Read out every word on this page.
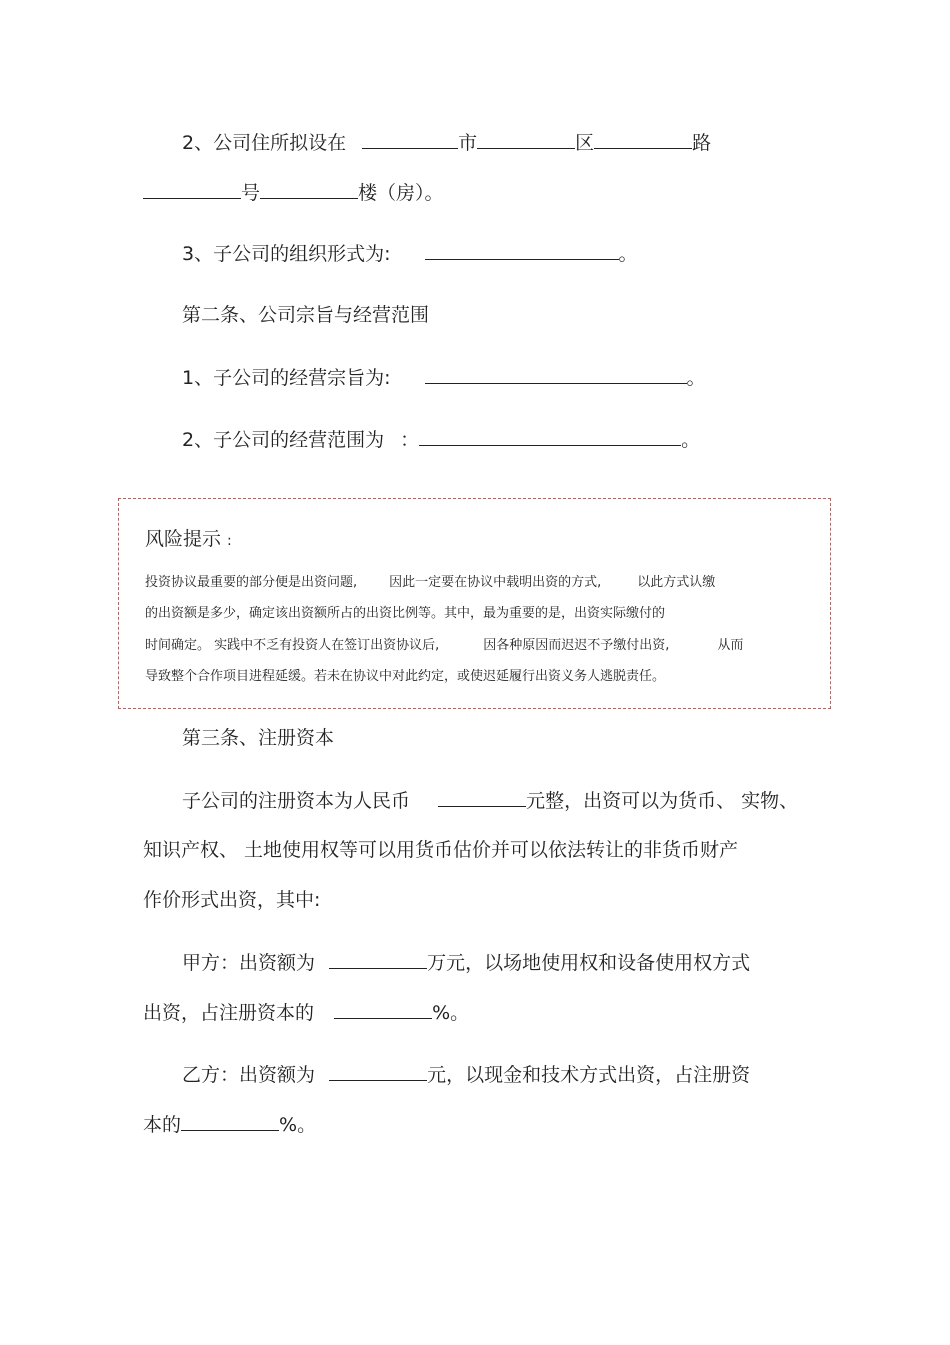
2、公司住所拟设在	市	区	路
号	楼（房）。
3、子公司的组织形式为:	。
第二条、公司宗旨与经营范围
1、子公司的经营宗旨为:	。
2、子公司的经营范围为 ：	。
风险提示 :
投资协议最重要的部分便是出资问题, 因此一定要在协议中载明出资的方式,	以此方式认缴
的出资额是多少，确定该出资额所占的出资比例等。其中，最为重要的是，出资实际缴付的
时间确定。 实践中不乏有投资人在签订出资协议后,	因各种原因而迟迟不予缴付出资,	从而
导致整个合作项目进程延缓。若未在协议中对此约定，或使迟延履行出资义务人逃脱责任。
第三条、注册资本
子公司的注册资本为人民币	元整，出资可以为货币、 实物、
知识产权、 土地使用权等可以用货币估价并可以依法转让的非货币财产
作价形式出资，其中:
甲方：出资额为	万元，以场地使用权和设备使用权方式
出资，占注册资本的	%。
乙方：出资额为	元，以现金和技术方式出资，占注册资
本的	%。
